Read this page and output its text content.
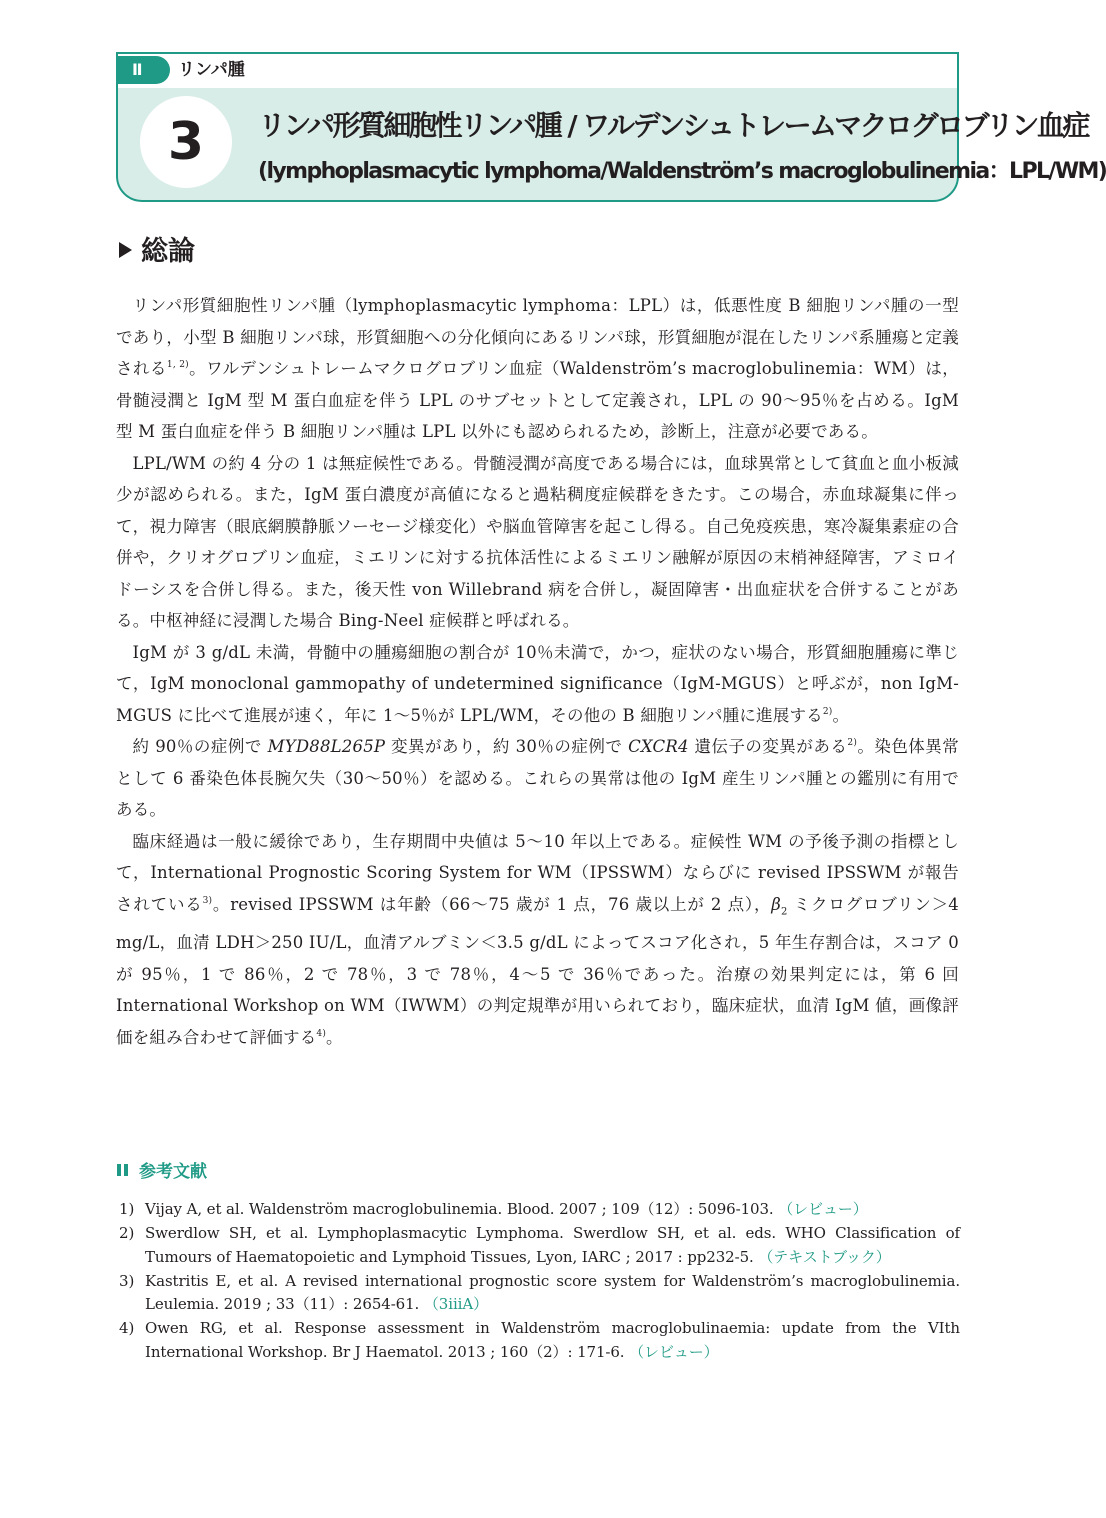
Ⅱ	リンパ腫
3	リンパ形質細胞性リンパ腫 / ワルデンシュトレームマクログロブリン血症
(lymphoplasmacytic lymphoma/Waldenström’s macroglobulinemia：LPL/WM)
総論

リンパ形質細胞性リンパ腫（lymphoplasmacytic lymphoma：LPL）は，低悪性度 B 細胞リンパ腫の一型であり，小型 B 細胞リンパ球，形質細胞への分化傾向にあるリンパ球，形質細胞が混在したリンパ系腫瘍と定義される$^{1, 2)}$。ワルデンシュトレームマクログロブリン血症（Waldenström’s macroglobulinemia：WM）は，骨髄浸潤と IgM 型 M 蛋白血症を伴う LPL のサブセットとして定義され，LPL の 90〜95％を占める。IgM 型 M 蛋白血症を伴う B 細胞リンパ腫は LPL 以外にも認められるため，診断上，注意が必要である。

LPL/WM の約 4 分の 1 は無症候性である。骨髄浸潤が高度である場合には，血球異常として貧血と血小板減少が認められる。また，IgM 蛋白濃度が高値になると過粘稠度症候群をきたす。この場合，赤血球凝集に伴って，視力障害（眼底網膜静脈ソーセージ様変化）や脳血管障害を起こし得る。自己免疫疾患，寒冷凝集素症の合併や，クリオグロブリン血症，ミエリンに対する抗体活性によるミエリン融解が原因の末梢神経障害，アミロイドーシスを合併し得る。また，後天性 von Willebrand 病を合併し，凝固障害・出血症状を合併することがある。中枢神経に浸潤した場合 Bing-Neel 症候群と呼ばれる。

IgM が 3 g/dL 未満，骨髄中の腫瘍細胞の割合が 10％未満で，かつ，症状のない場合，形質細胞腫瘍に準じて，IgM monoclonal gammopathy of undetermined significance（IgM-MGUS）と呼ぶが，non IgM-MGUS に比べて進展が速く，年に 1〜5％が LPL/WM，その他の B 細胞リンパ腫に進展する$^{2)}$。

約 90％の症例で MYD88L265P 変異があり，約 30％の症例で CXCR4 遺伝子の変異がある$^{2)}$。染色体異常として 6 番染色体長腕欠失（30〜50％）を認める。これらの異常は他の IgM 産生リンパ腫との鑑別に有用である。

臨床経過は一般に緩徐であり，生存期間中央値は 5〜10 年以上である。症候性 WM の予後予測の指標として，International Prognostic Scoring System for WM（IPSSWM）ならびに revised IPSSWM が報告されている$^{3)}$。revised IPSSWM は年齢（66〜75 歳が 1 点，76 歳以上が 2 点），$\beta_2$ ミクログロブリン＞4 mg/L，血清 LDH＞250 IU/L，血清アルブミン＜3.5 g/dL によってスコア化され，5 年生存割合は，スコア 0 が 95％，1 で 86％，2 で 78％，3 で 78％，4〜5 で 36％であった。治療の効果判定には，第 6 回 International Workshop on WM（IWWM）の判定規準が用いられており，臨床症状，血清 IgM 値，画像評価を組み合わせて評価する$^{4)}$。

参考文献
1) Vijay A, et al. Waldenström macroglobulinemia. Blood. 2007 ; 109（12）: 5096-103. （レビュー）
2) Swerdlow SH, et al. Lymphoplasmacytic Lymphoma. Swerdlow SH, et al. eds. WHO Classification of Tumours of Haematopoietic and Lymphoid Tissues, Lyon, IARC ; 2017 : pp232-5. （テキストブック）
3) Kastritis E, et al. A revised international prognostic score system for Waldenström’s macroglobulinemia. Leulemia. 2019 ; 33（11）: 2654-61. （3iiiA）
4) Owen RG, et al. Response assessment in Waldenström macroglobulinaemia: update from the VIth International Workshop. Br J Haematol. 2013 ; 160（2）: 171-6. （レビュー）
